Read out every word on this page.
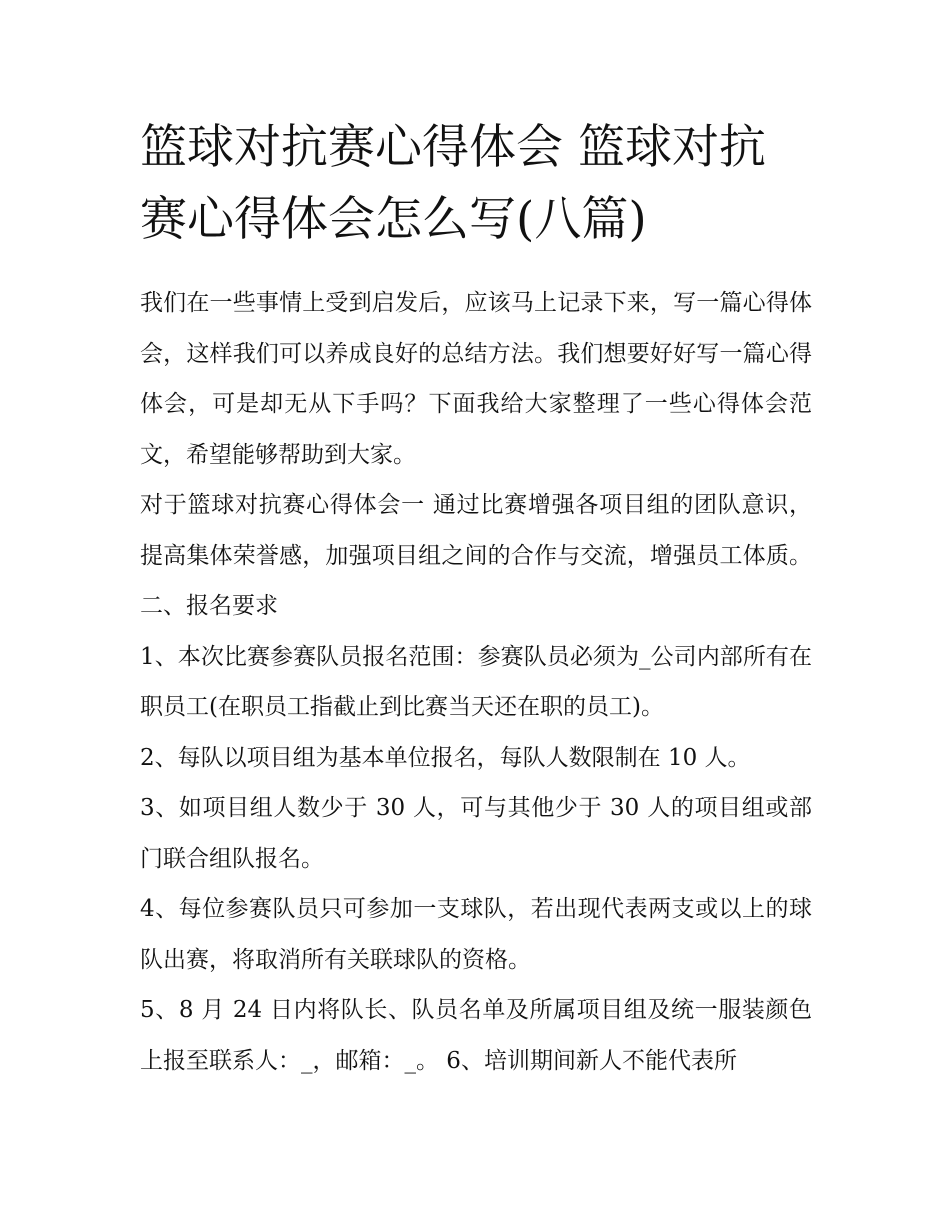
篮球对抗赛心得体会 篮球对抗赛心得体会怎么写(八篇)

我们在一些事情上受到启发后，应该马上记录下来，写一篇心得体会，这样我们可以养成良好的总结方法。我们想要好好写一篇心得体会，可是却无从下手吗？下面我给大家整理了一些心得体会范文，希望能够帮助到大家。

对于篮球对抗赛心得体会一 通过比赛增强各项目组的团队意识，提高集体荣誉感，加强项目组之间的合作与交流，增强员工体质。 二、报名要求

1、本次比赛参赛队员报名范围：参赛队员必须为_公司内部所有在职员工(在职员工指截止到比赛当天还在职的员工)。

2、每队以项目组为基本单位报名，每队人数限制在 10 人。

3、如项目组人数少于 30 人，可与其他少于 30 人的项目组或部门联合组队报名。

4、每位参赛队员只可参加一支球队，若出现代表两支或以上的球队出赛，将取消所有关联球队的资格。

5、8 月 24 日内将队长、队员名单及所属项目组及统一服装颜色上报至联系人：_，邮箱：_。 6、培训期间新人不能代表所
